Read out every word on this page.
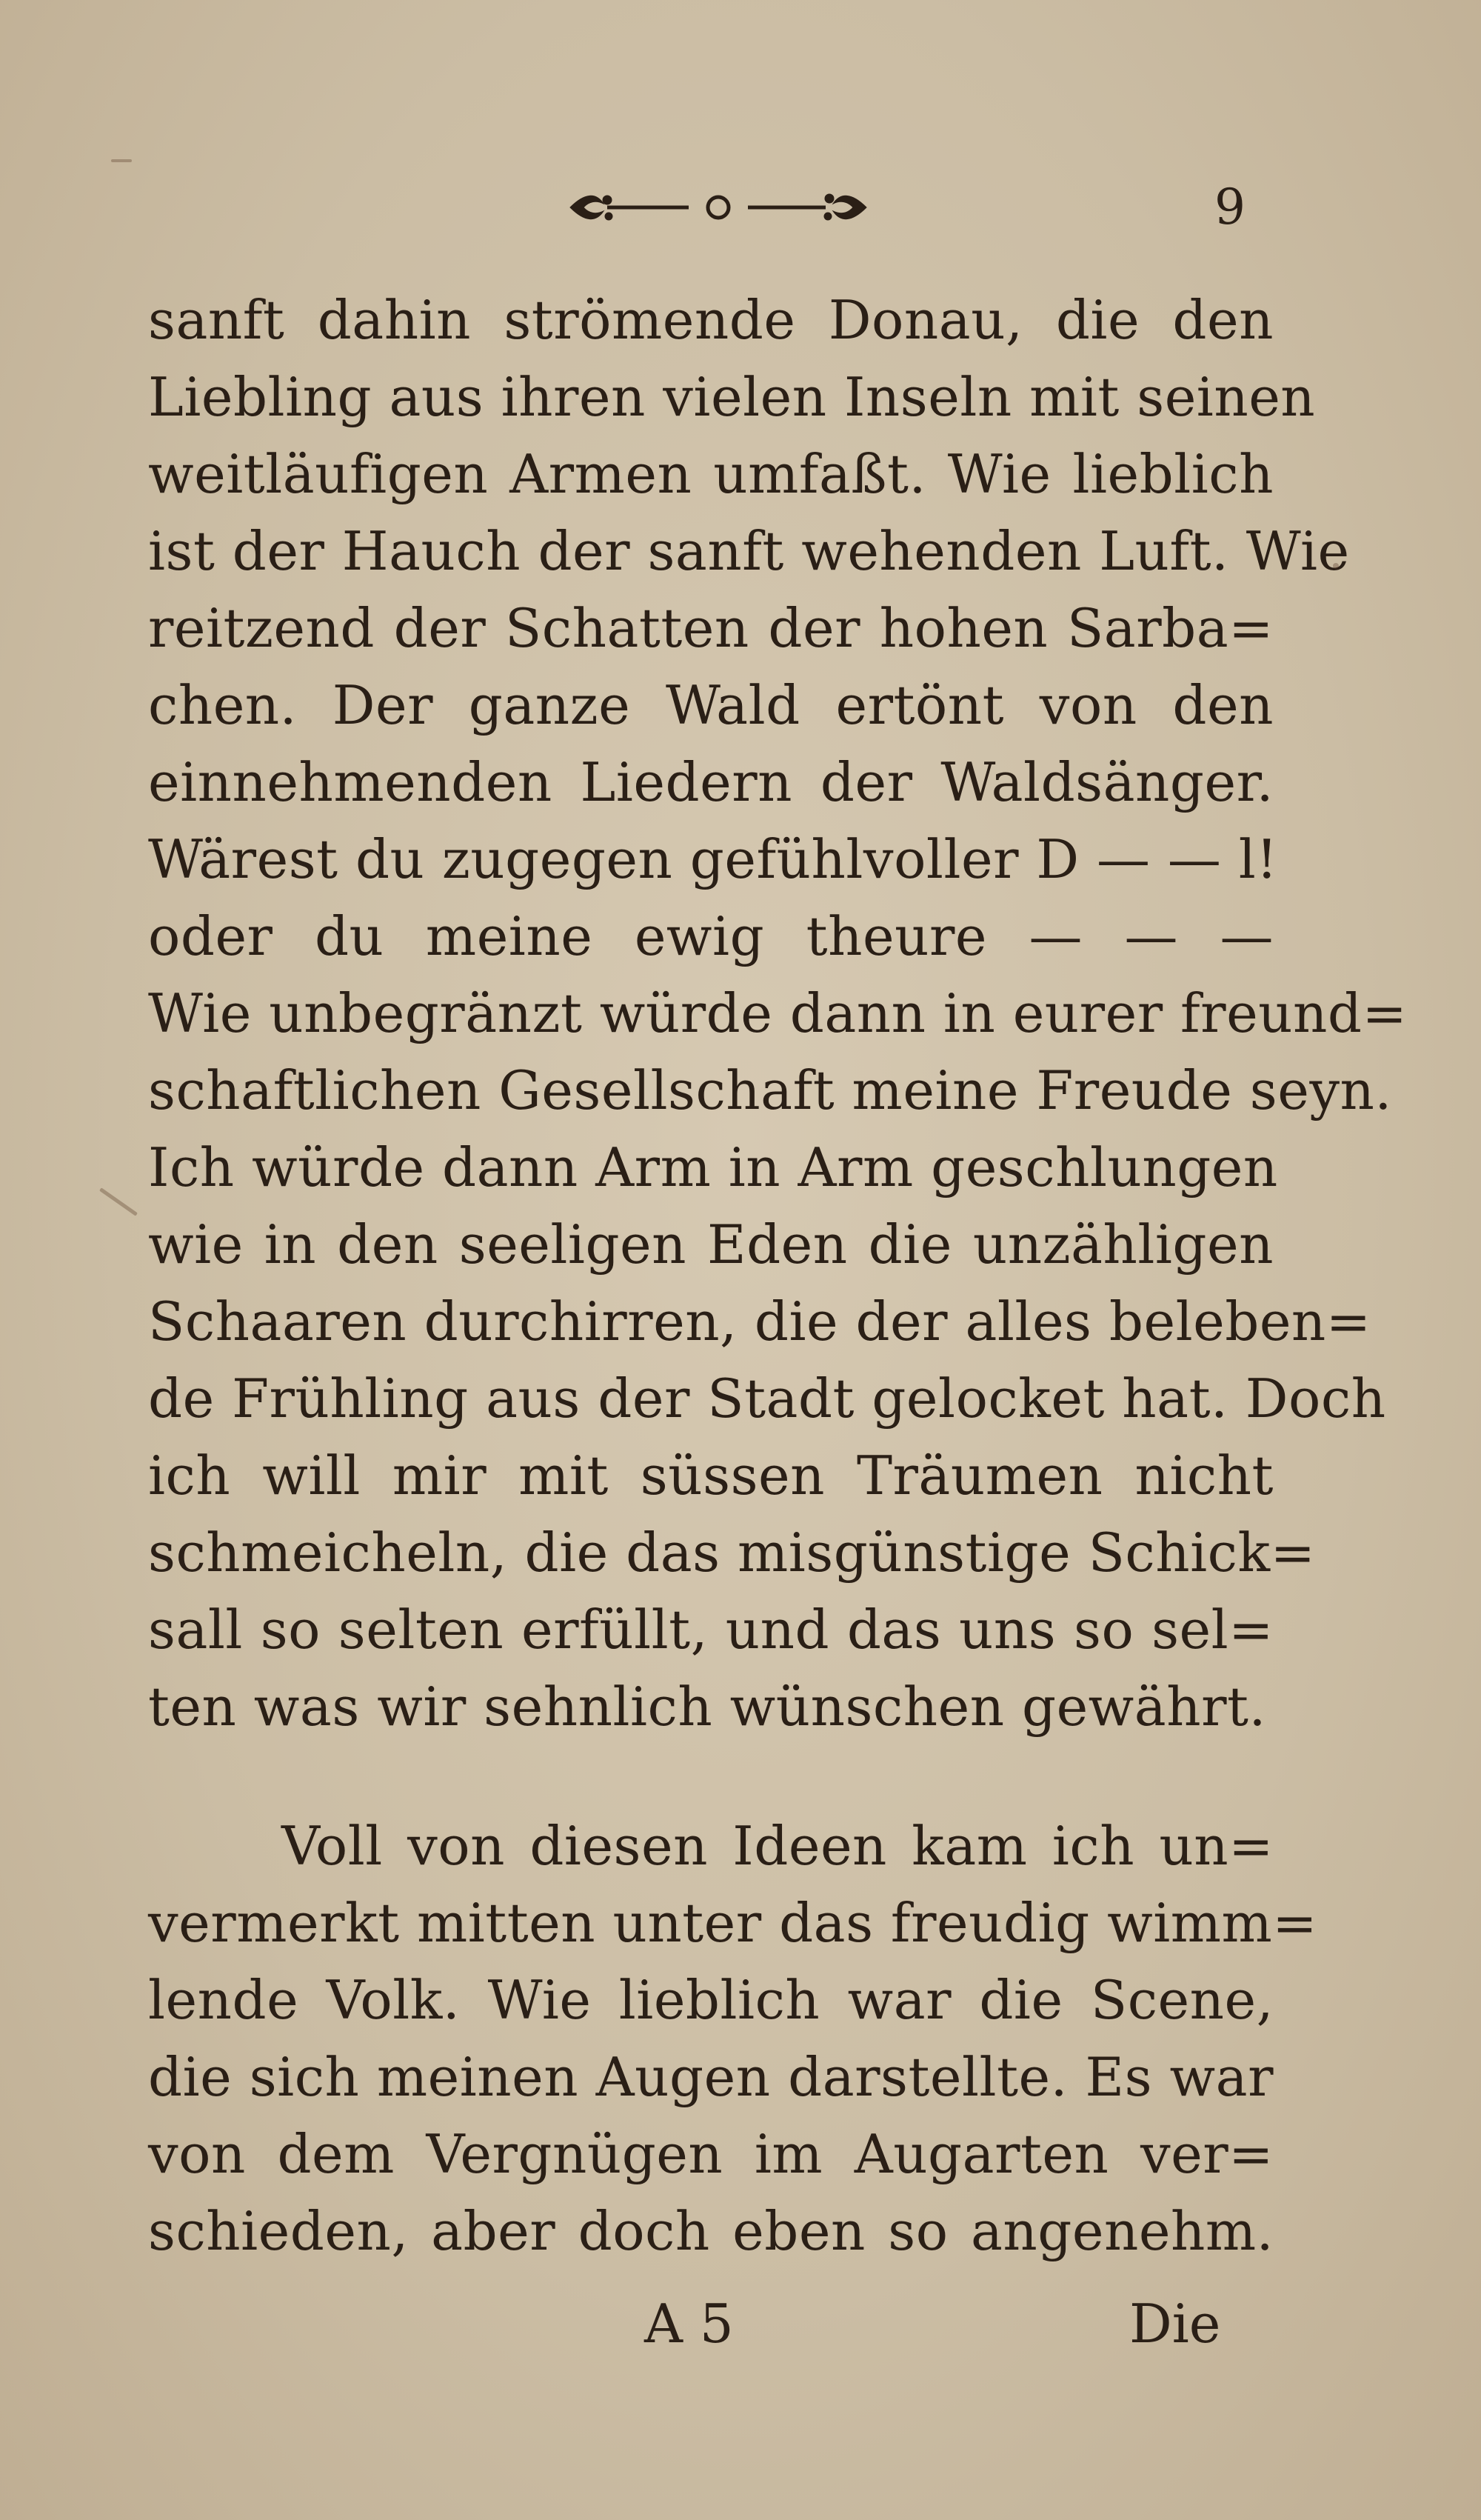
9
sanft dahin strömende Donau, die den
Liebling aus ihren vielen Inseln mit seinen
weitläufigen Armen umfaßt. Wie lieblich
ist der Hauch der sanft wehenden Luft. Wie
reitzend der Schatten der hohen Sarba=
chen. Der ganze Wald ertönt von den
einnehmenden Liedern der Waldsänger.
Wärest du zugegen gefühlvoller D — — l!
oder du meine ewig theure — — —
Wie unbegränzt würde dann in eurer freund=
schaftlichen Gesellschaft meine Freude seyn.
Ich würde dann Arm in Arm geschlungen
wie in den seeligen Eden die unzähligen
Schaaren durchirren, die der alles beleben=
de Frühling aus der Stadt gelocket hat. Doch
ich will mir mit süssen Träumen nicht
schmeicheln, die das misgünstige Schick=
sall so selten erfüllt, und das uns so sel=
ten was wir sehnlich wünschen gewährt.
Voll von diesen Ideen kam ich un=
vermerkt mitten unter das freudig wimm=
lende Volk. Wie lieblich war die Scene,
die sich meinen Augen darstellte. Es war
von dem Vergnügen im Augarten ver=
schieden, aber doch eben so angenehm.
A 5	Die
